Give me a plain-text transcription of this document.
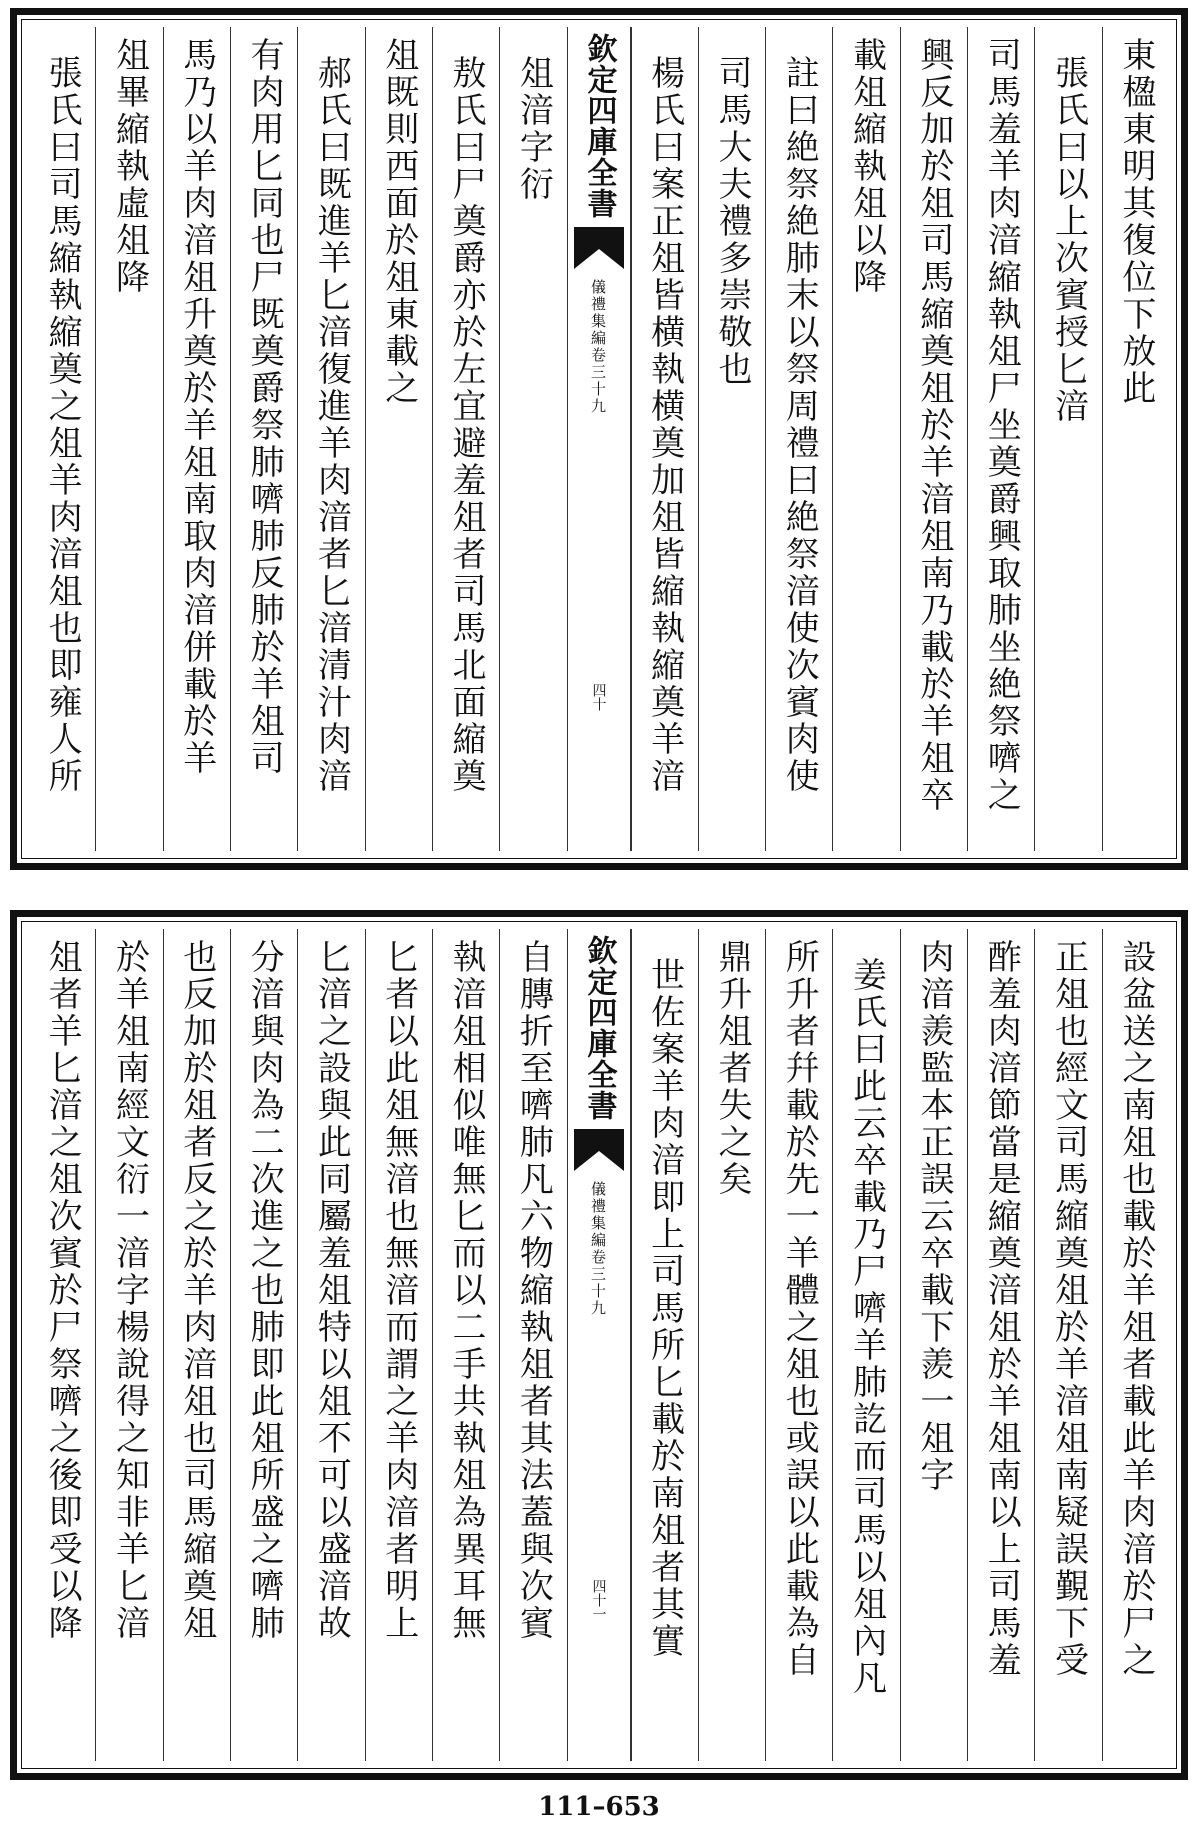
東楹東明其復位下放此
張氏曰以上次賓授匕湆
司馬羞羊肉湆縮執俎尸坐奠爵興取肺坐絶祭嚌之
興反加於俎司馬縮奠俎於羊湆俎南乃載於羊俎卒
載俎縮執俎以降
註曰絶祭絶肺末以祭周禮曰絶祭湆使次賓肉使
司馬大夫禮多崇敬也
楊氏曰案正俎皆横執横奠加俎皆縮執縮奠羊湆
欽定四庫全書
儀禮集編
卷三十九
四十
俎湆字衍
敖氏曰尸奠爵亦於左宜避羞俎者司馬北面縮奠
俎既則西面於俎東載之
郝氏曰既進羊匕湆復進羊肉湆者匕湆清汁肉湆
有肉用匕同也尸既奠爵祭肺嚌肺反肺於羊俎司
馬乃以羊肉湆俎升奠於羊俎南取肉湆併載於羊
俎畢縮執虛俎降
張氏曰司馬縮執縮奠之俎羊肉湆俎也即雍人所
設盆送之南俎也載於羊俎者載此羊肉湆於尸之
正俎也經文司馬縮奠俎於羊湆俎南疑誤覲下受
酢羞肉湆節當是縮奠湆俎於羊俎南以上司馬羞
肉湆羨監本正誤云卒載下羨一俎字
姜氏曰此云卒載乃尸嚌羊肺訖而司馬以俎內凡
所升者幷載於先一羊體之俎也或誤以此載為自
鼎升俎者失之矣
世佐案羊肉湆即上司馬所匕載於南俎者其實
欽定四庫全書
儀禮集編
卷三十九
四十一
自膞折至嚌肺凡六物縮執俎者其法蓋與次賓
執湆俎相似唯無匕而以二手共執俎為異耳無
匕者以此俎無湆也無湆而謂之羊肉湆者明上
匕湆之設與此同屬羞俎特以俎不可以盛湆故
分湆與肉為二次進之也肺即此俎所盛之嚌肺
也反加於俎者反之於羊肉湆俎也司馬縮奠俎
於羊俎南經文衍一湆字楊說得之知非羊匕湆
俎者羊匕湆之俎次賓於尸祭嚌之後即受以降
111–653
